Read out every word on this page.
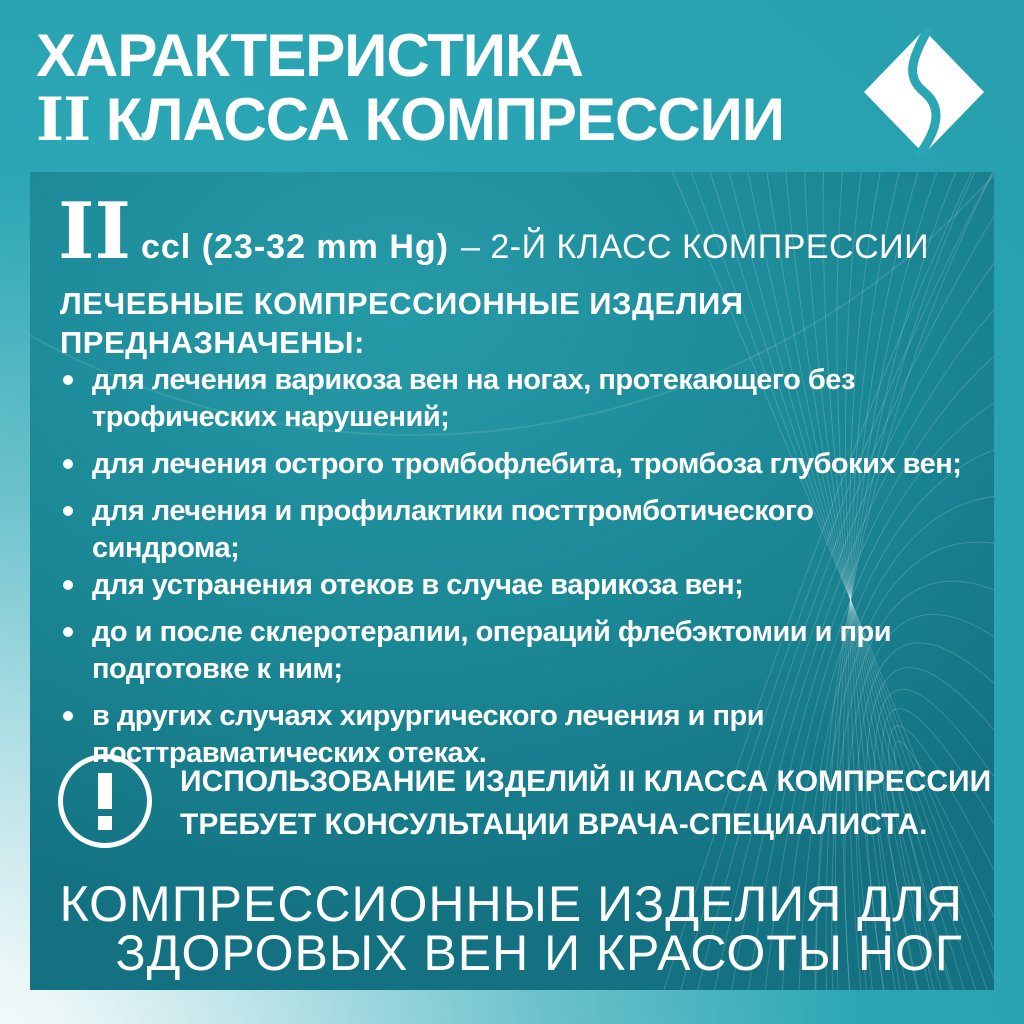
ХАРАКТЕРИСТИКА
II КЛАССА КОМПРЕССИИ
II ccl (23-32 mm Hg) – 2-Й КЛАСС КОМПРЕССИИ
ЛЕЧЕБНЫЕ КОМПРЕССИОННЫЕ ИЗДЕЛИЯ
ПРЕДНАЗНАЧЕНЫ:
для лечения варикоза вен на ногах, протекающего без
трофических нарушений;
для лечения острого тромбофлебита, тромбоза глубоких вен;
для лечения и профилактики посттромботического
синдрома;
для устранения отеков в случае варикоза вен;
до и после склеротерапии, операций флебэктомии и при
подготовке к ним;
в других случаях хирургического лечения и при
посттравматических отеках.
ИСПОЛЬЗОВАНИЕ ИЗДЕЛИЙ II КЛАССА КОМПРЕССИИ
ТРЕБУЕТ КОНСУЛЬТАЦИИ ВРАЧА-СПЕЦИАЛИСТА.
КОМПРЕССИОННЫЕ ИЗДЕЛИЯ ДЛЯ
ЗДОРОВЫХ ВЕН И КРАСОТЫ НОГ
